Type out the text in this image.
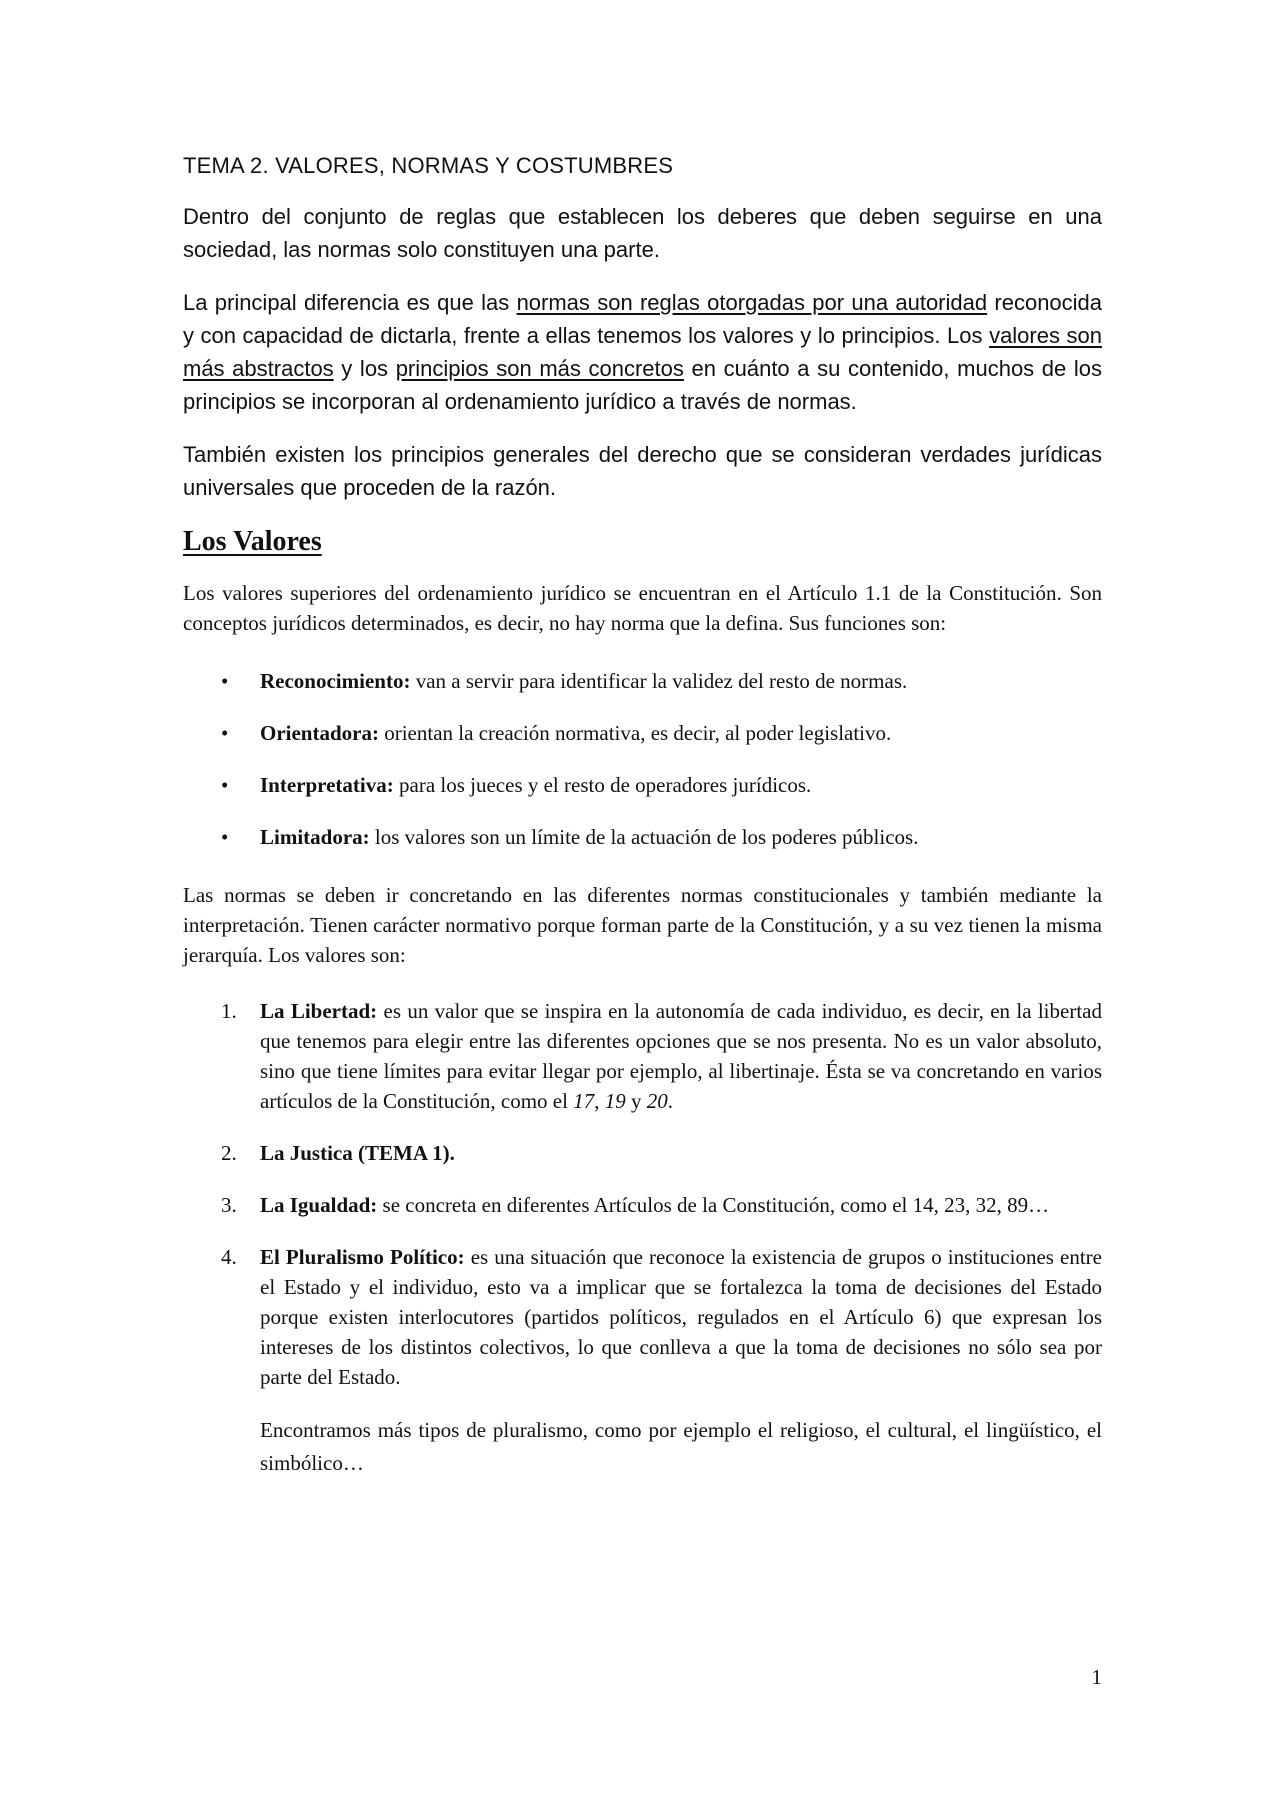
TEMA 2. VALORES, NORMAS Y COSTUMBRES

Dentro del conjunto de reglas que establecen los deberes que deben seguirse en una sociedad, las normas solo constituyen una parte.

La principal diferencia es que las normas son reglas otorgadas por una autoridad reconocida y con capacidad de dictarla, frente a ellas tenemos los valores y lo principios. Los valores son más abstractos y los principios son más concretos en cuánto a su contenido, muchos de los principios se incorporan al ordenamiento jurídico a través de normas.

También existen los principios generales del derecho que se consideran verdades jurídicas universales que proceden de la razón.

Los Valores

Los valores superiores del ordenamiento jurídico se encuentran en el Artículo 1.1 de la Constitución. Son conceptos jurídicos determinados, es decir, no hay norma que la defina. Sus funciones son:

• Reconocimiento: van a servir para identificar la validez del resto de normas.
• Orientadora: orientan la creación normativa, es decir, al poder legislativo.
• Interpretativa: para los jueces y el resto de operadores jurídicos.
• Limitadora: los valores son un límite de la actuación de los poderes públicos.

Las normas se deben ir concretando en las diferentes normas constitucionales y también mediante la interpretación. Tienen carácter normativo porque forman parte de la Constitución, y a su vez tienen la misma jerarquía. Los valores son:

1. La Libertad: es un valor que se inspira en la autonomía de cada individuo, es decir, en la libertad que tenemos para elegir entre las diferentes opciones que se nos presenta. No es un valor absoluto, sino que tiene límites para evitar llegar por ejemplo, al libertinaje. Ésta se va concretando en varios artículos de la Constitución, como el 17, 19 y 20.
2. La Justica (TEMA 1).
3. La Igualdad: se concreta en diferentes Artículos de la Constitución, como el 14, 23, 32, 89…
4. El Pluralismo Político: es una situación que reconoce la existencia de grupos o instituciones entre el Estado y el individuo, esto va a implicar que se fortalezca la toma de decisiones del Estado porque existen interlocutores (partidos políticos, regulados en el Artículo 6) que expresan los intereses de los distintos colectivos, lo que conlleva a que la toma de decisiones no sólo sea por parte del Estado.

Encontramos más tipos de pluralismo, como por ejemplo el religioso, el cultural, el lingüístico, el simbólico…

1
